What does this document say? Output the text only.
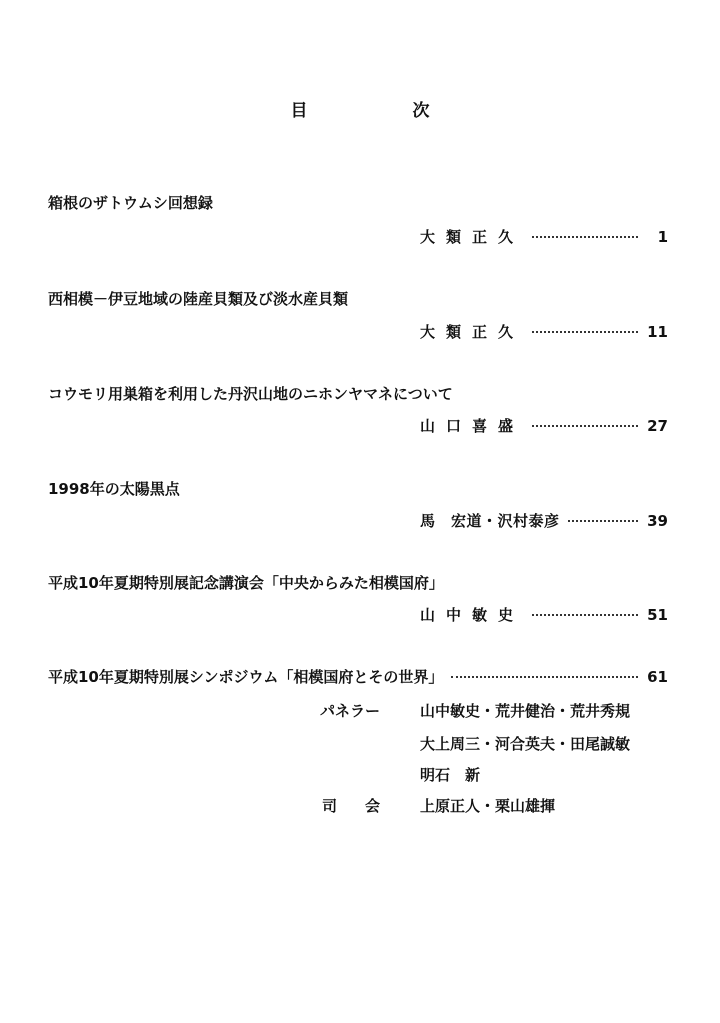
目　次
箱根のザトウムシ回想録
大類正久	1
西相模－伊豆地域の陸産貝類及び淡水産貝類
大類正久	11
コウモリ用巣箱を利用した丹沢山地のニホンヤマネについて
山口喜盛	27
1998年の太陽黒点
馬　宏道・沢村泰彦	39
平成10年夏期特別展記念講演会「中央からみた相模国府」
山中敏史	51
平成10年夏期特別展シンポジウム「相模国府とその世界」	61
パネラー	山中敏史・荒井健治・荒井秀規
大上周三・河合英夫・田尾誠敏
明石　新
司会 上原正人・栗山雄揮
